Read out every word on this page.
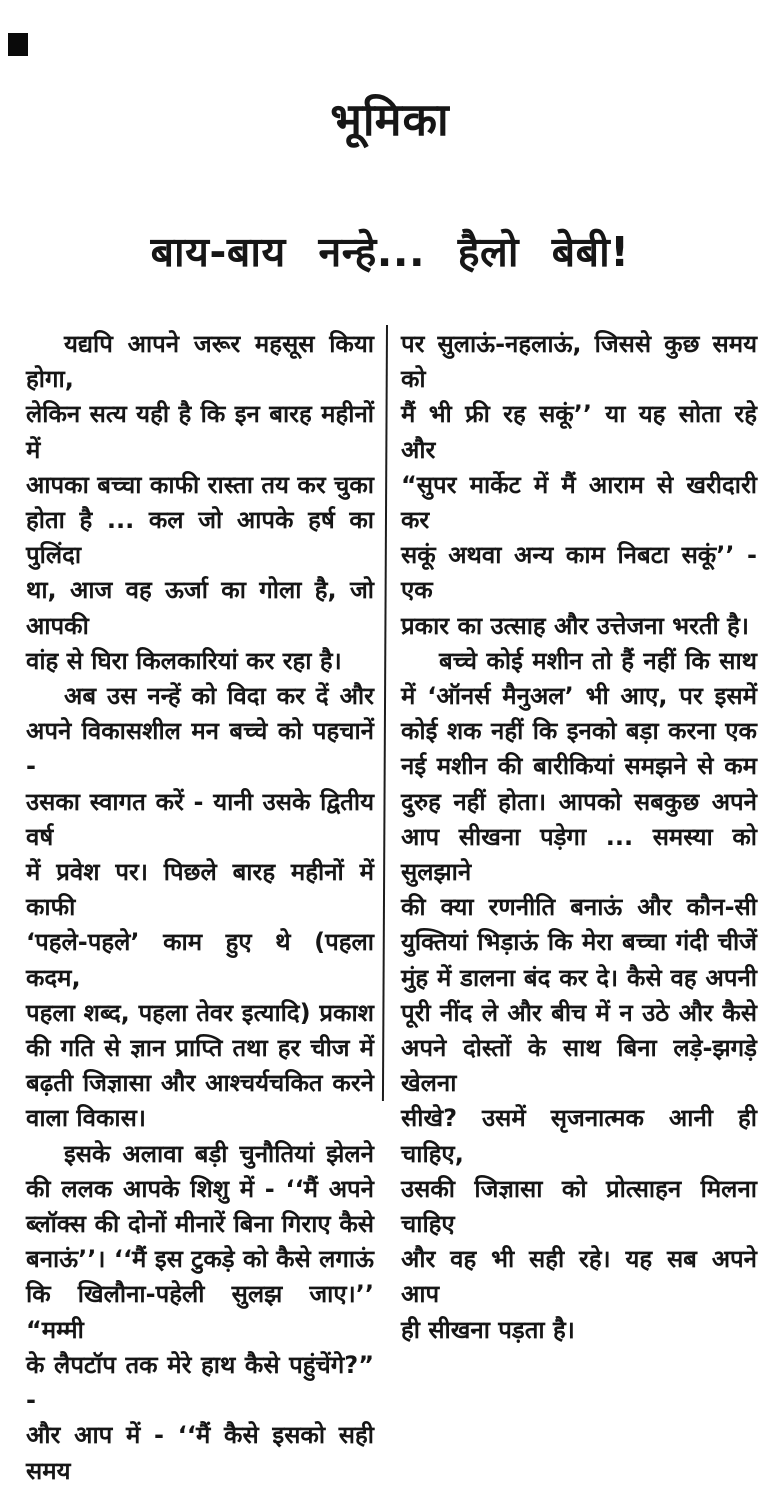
भूमिका
बाय-बाय नन्हे... हैलो बेबी!
यद्यपि आपने जरूर महसूस किया होगा,
लेकिन सत्य यही है कि इन बारह महीनों में
आपका बच्चा काफी रास्ता तय कर चुका
होता है ... कल जो आपके हर्ष का पुलिंदा
था, आज वह ऊर्जा का गोला है, जो आपकी
वांह से घिरा किलकारियां कर रहा है।
अब उस नन्हें को विदा कर दें और
अपने विकासशील मन बच्चे को पहचानें -
उसका स्वागत करें - यानी उसके द्वितीय वर्ष
में प्रवेश पर। पिछले बारह महीनों में काफी
‘पहले-पहले’ काम हुए थे (पहला कदम,
पहला शब्द, पहला तेवर इत्यादि) प्रकाश
की गति से ज्ञान प्राप्ति तथा हर चीज में
बढ़ती जिज्ञासा और आश्चर्यचकित करने
वाला विकास।
इसके अलावा बड़ी चुनौतियां झेलने
की ललक आपके शिशु में - ‘‘मैं अपने
ब्लॉक्स की दोनों मीनारें बिना गिराए कैसे
बनाऊं’’। ‘‘मैं इस टुकड़े को कैसे लगाऊं
कि खिलौना-पहेली सुलझ जाए।’’ “मम्मी
के लैपटॉप तक मेरे हाथ कैसे पहुंचेंगे?” -
और आप में - ‘‘मैं कैसे इसको सही समय
पर सुलाऊं-नहलाऊं, जिससे कुछ समय को
मैं भी फ्री रह सकूं’’ या यह सोता रहे और
“सुपर मार्केट में मैं आराम से खरीदारी कर
सकूं अथवा अन्य काम निबटा सकूं’’ - एक
प्रकार का उत्साह और उत्तेजना भरती है।
बच्चे कोई मशीन तो हैं नहीं कि साथ
में ‘ऑनर्स मैनुअल’ भी आए, पर इसमें
कोई शक नहीं कि इनको बड़ा करना एक
नई मशीन की बारीकियां समझने से कम
दुरुह नहीं होता। आपको सबकुछ अपने
आप सीखना पड़ेगा ... समस्या को सुलझाने
की क्या रणनीति बनाऊं और कौन-सी
युक्तियां भिड़ाऊं कि मेरा बच्चा गंदी चीजें
मुंह में डालना बंद कर दे। कैसे वह अपनी
पूरी नींद ले और बीच में न उठे और कैसे
अपने दोस्तों के साथ बिना लड़े-झगड़े खेलना
सीखे? उसमें सृजनात्मक आनी ही चाहिए,
उसकी जिज्ञासा को प्रोत्साहन मिलना चाहिए
और वह भी सही रहे। यह सब अपने आप
ही सीखना पड़ता है।
